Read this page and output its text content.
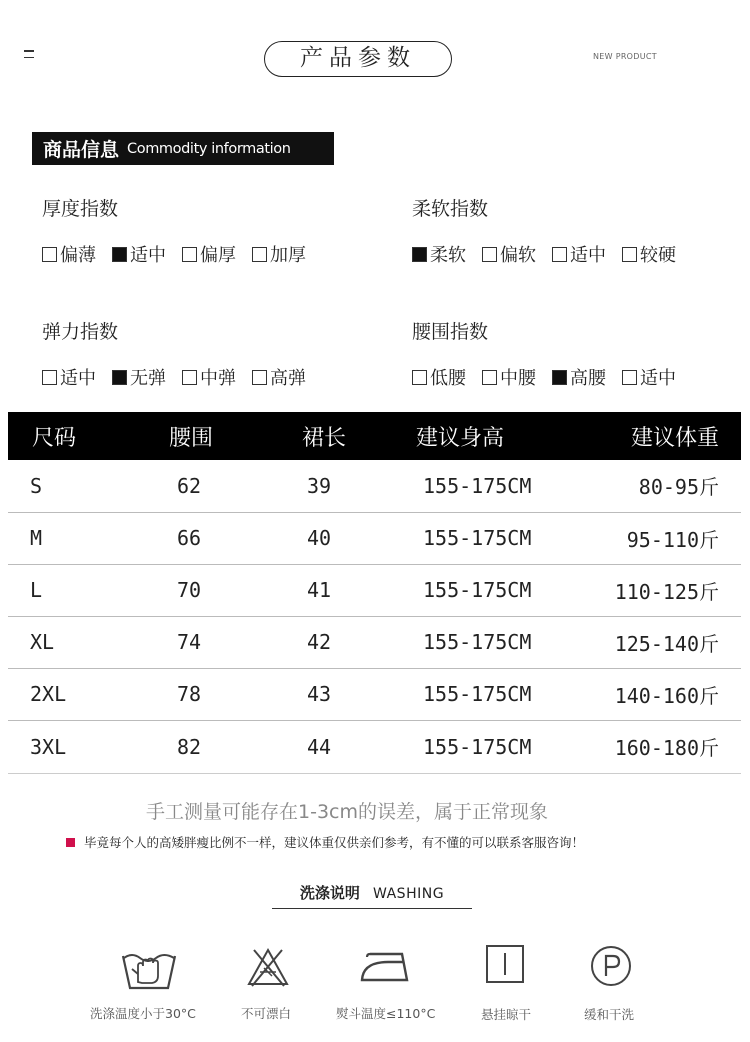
产品参数	NEW PRODUCT
商品信息 Commodity information
厚度指数
偏薄 适中 偏厚 加厚
柔软指数
柔软 偏软 适中 较硬
弹力指数
适中 无弹 中弹 高弹
腰围指数
低腰 中腰 高腰 适中
尺码	腰围	裙长	建议身高	建议体重
S	62	39	155-175CM	80-95斤
M	66	40	155-175CM	95-110斤
L	70	41	155-175CM	110-125斤
XL	74	42	155-175CM	125-140斤
2XL	78	43	155-175CM	140-160斤
3XL	82	44	155-175CM	160-180斤
手工测量可能存在1-3cm的误差，属于正常现象
毕竟每个人的高矮胖瘦比例不一样，建议体重仅供亲们参考，有不懂的可以联系客服咨询！
洗涤说明 WASHING
洗涤温度小于30°C	不可漂白	熨斗温度≤110°C	悬挂晾干	缓和干洗
